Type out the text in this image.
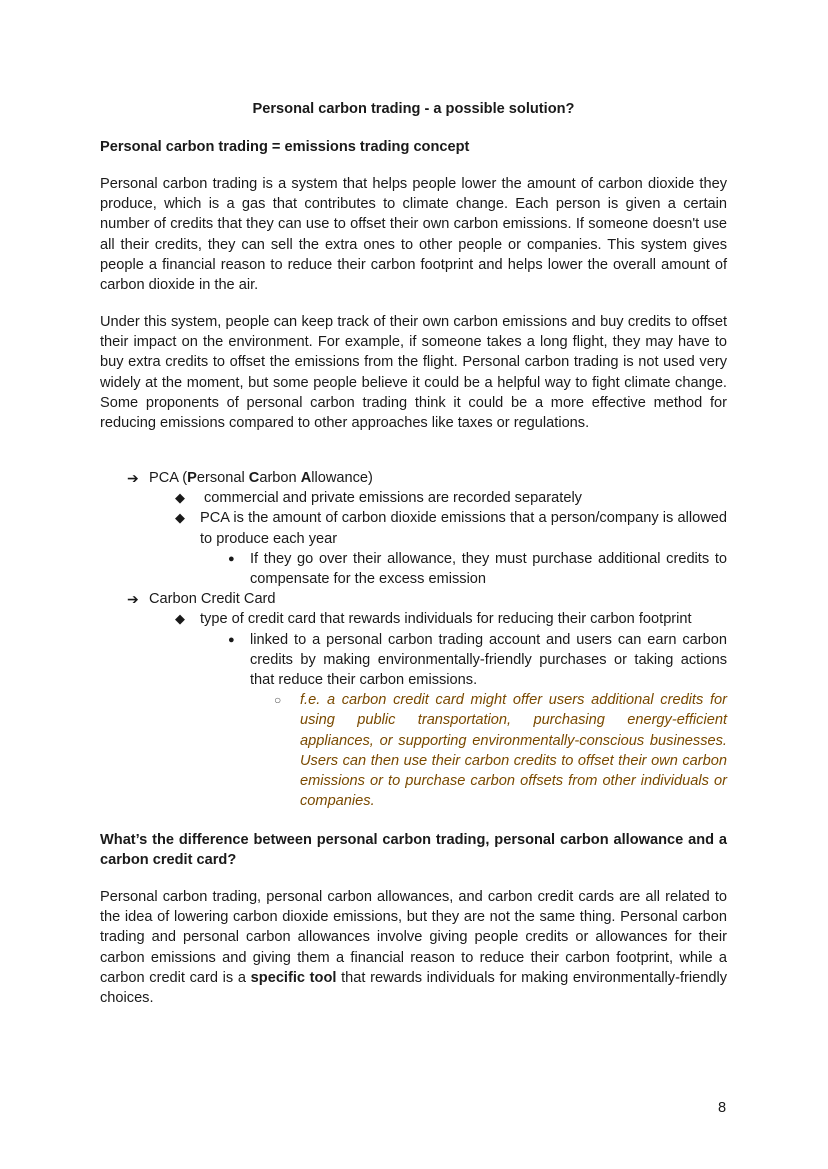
Personal carbon trading - a possible solution?

Personal carbon trading = emissions trading concept

Personal carbon trading is a system that helps people lower the amount of carbon dioxide they produce, which is a gas that contributes to climate change. Each person is given a certain number of credits that they can use to offset their own carbon emissions. If someone doesn't use all their credits, they can sell the extra ones to other people or companies. This system gives people a financial reason to reduce their carbon footprint and helps lower the overall amount of carbon dioxide in the air.

Under this system, people can keep track of their own carbon emissions and buy credits to offset their impact on the environment. For example, if someone takes a long flight, they may have to buy extra credits to offset the emissions from the flight. Personal carbon trading is not used very widely at the moment, but some people believe it could be a helpful way to fight climate change. Some proponents of personal carbon trading think it could be a more effective method for reducing emissions compared to other approaches like taxes or regulations.

➔ PCA (Personal Carbon Allowance)
◆ commercial and private emissions are recorded separately
◆ PCA is the amount of carbon dioxide emissions that a person/company is allowed to produce each year
● If they go over their allowance, they must purchase additional credits to compensate for the excess emission
➔ Carbon Credit Card
◆ type of credit card that rewards individuals for reducing their carbon footprint
● linked to a personal carbon trading account and users can earn carbon credits by making environmentally-friendly purchases or taking actions that reduce their carbon emissions.
○ f.e. a carbon credit card might offer users additional credits for using public transportation, purchasing energy-efficient appliances, or supporting environmentally-conscious businesses. Users can then use their carbon credits to offset their own carbon emissions or to purchase carbon offsets from other individuals or companies.

What’s the difference between personal carbon trading, personal carbon allowance and a carbon credit card?

Personal carbon trading, personal carbon allowances, and carbon credit cards are all related to the idea of lowering carbon dioxide emissions, but they are not the same thing. Personal carbon trading and personal carbon allowances involve giving people credits or allowances for their carbon emissions and giving them a financial reason to reduce their carbon footprint, while a carbon credit card is a specific tool that rewards individuals for making environmentally-friendly choices.

8
